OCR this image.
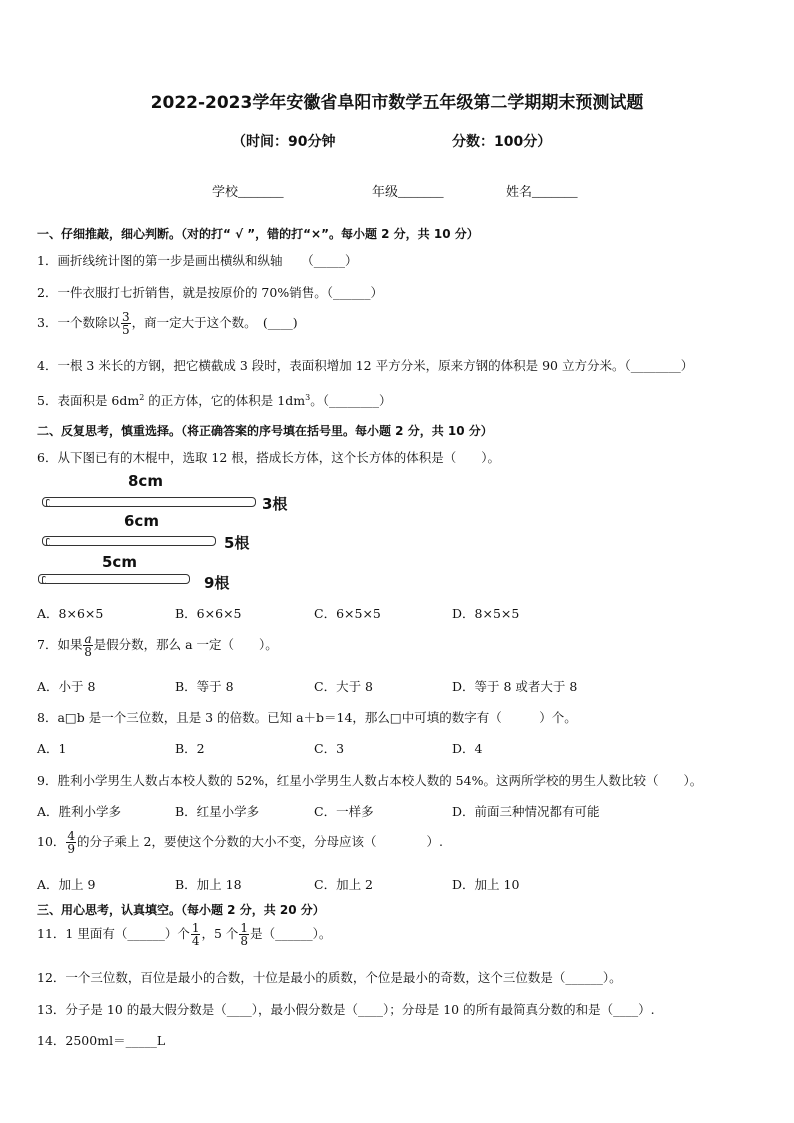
2022-2023学年安徽省阜阳市数学五年级第二学期期末预测试题
（时间：90分钟	分数：100分）
学校_______	年级_______	姓名_______
一、仔细推敲，细心判断。（对的打“ √ ”，错的打“×”。每小题 2 分，共 10 分）
1．画折线统计图的第一步是画出横纵和纵轴　　（_____）
2．一件衣服打七折销售，就是按原价的 70%销售。（______）
3．一个数除以 $\frac{3}{5}$ ，商一定大于这个数。　(____)
4．一根 3 米长的方钢，把它横截成 3 段时，表面积增加 12 平方分米，原来方钢的体积是 90 立方分米。（________）
5．表面积是 $6dm^2$ 的正方体，它的体积是 $1dm^3$。（________）
二、反复思考，慎重选择。（将正确答案的序号填在括号里。每小题 2 分，共 10 分）
6．从下图已有的木棍中，选取 12 根，搭成长方体，这个长方体的体积是（　　）。
8cm
3根
6cm
5根
5cm
9根
A．8×6×5	B．6×6×5	C．6×5×5	D．8×5×5
7．如果 $\frac{a}{8}$ 是假分数，那么 a 一定（　　）。
A．小于 8	B．等于 8	C．大于 8	D．等于 8 或者大于 8
8．a□b 是一个三位数，且是 3 的倍数。已知 a＋b＝14，那么□中可填的数字有（　　　）个。
A．1	B．2	C．3	D．4
9．胜利小学男生人数占本校人数的 52%，红星小学男生人数占本校人数的 54%。这两所学校的男生人数比较（　　）。
A．胜利小学多	B．红星小学多	C．一样多	D．前面三种情况都有可能
10． $\frac{4}{9}$ 的分子乘上 2，要使这个分数的大小不变，分母应该（　　　　）.
A．加上 9	B．加上 18	C．加上 2	D．加上 10
三、用心思考，认真填空。（每小题 2 分，共 20 分）
11．1 里面有（______）个 $\frac{1}{4}$ ，5 个 $\frac{1}{8}$ 是（______）。
12．一个三位数，百位是最小的合数，十位是最小的质数，个位是最小的奇数，这个三位数是（______）。
13．分子是 10 的最大假分数是（____），最小假分数是（____）；分母是 10 的所有最简真分数的和是（____）.
14．2500ml＝_____L
